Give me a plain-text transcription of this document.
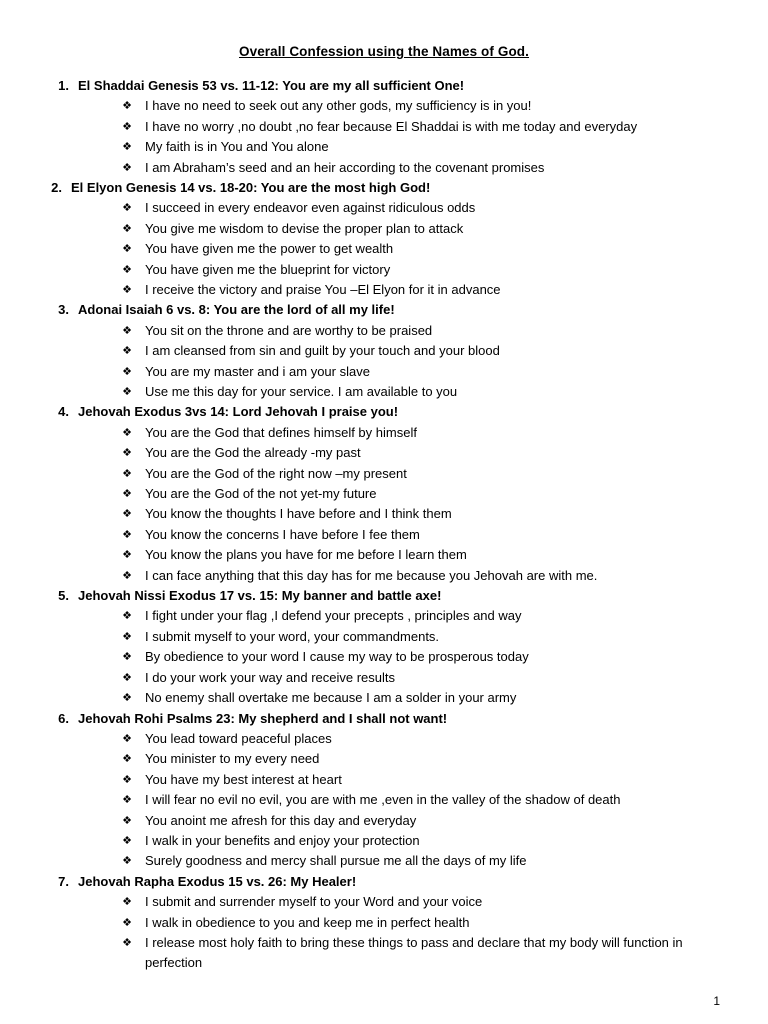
Overall Confession using the Names of God.
1. El Shaddai Genesis 53 vs. 11-12: You are my all sufficient One!
❖ I have no need to seek out any other gods, my sufficiency is in you!
❖ I have no worry ,no doubt ,no fear because El Shaddai is with me today and everyday
❖ My faith is in You and You alone
❖ I am Abraham’s seed and an heir according to the covenant promises
2. El Elyon Genesis 14 vs. 18-20: You are the most high God!
❖ I succeed in every endeavor even against ridiculous odds
❖ You give me wisdom to devise the proper plan to attack
❖ You have given me the power to get wealth
❖ You have given me the blueprint for victory
❖ I receive the victory and praise You –El Elyon for it in advance
3. Adonai Isaiah 6 vs. 8: You are the lord of all my life!
❖ You sit on the throne and are worthy to be praised
❖ I am cleansed from sin and guilt by your touch and your blood
❖ You are my master and i am your slave
❖ Use me this day for your service. I am available to you
4. Jehovah Exodus 3vs 14: Lord Jehovah I praise you!
❖ You are the God that defines himself by himself
❖ You are the God the already -my past
❖ You are the God of the right now –my present
❖ You are the God of the not yet-my future
❖ You know the thoughts I have before and I think them
❖ You know the concerns I have before I fee them
❖ You know the plans you have for me before I learn them
❖ I can face anything that this day has for me because you Jehovah are with me.
5. Jehovah Nissi Exodus 17 vs. 15: My banner and battle axe!
❖ I fight under your flag ,I defend your precepts , principles and way
❖ I submit myself to your word, your commandments.
❖ By obedience to your word I cause my way to be prosperous today
❖ I do your work your way and receive results
❖ No enemy shall overtake me because I am a solder in your army
6. Jehovah Rohi Psalms 23: My shepherd and I shall not want!
❖ You lead toward peaceful places
❖ You minister to my every need
❖ You have my best interest at heart
❖ I will fear no evil no evil, you are with me ,even in the valley of the shadow of death
❖ You anoint me afresh for this day and everyday
❖ I walk in your benefits and enjoy your protection
❖ Surely goodness and mercy shall pursue me all the days of my life
7. Jehovah Rapha Exodus 15 vs. 26: My Healer!
❖ I submit and surrender myself to your Word and your voice
❖ I walk in obedience to you and keep me in perfect health
❖ I release most holy faith to bring these things to pass and declare that my body will function in perfection
1
